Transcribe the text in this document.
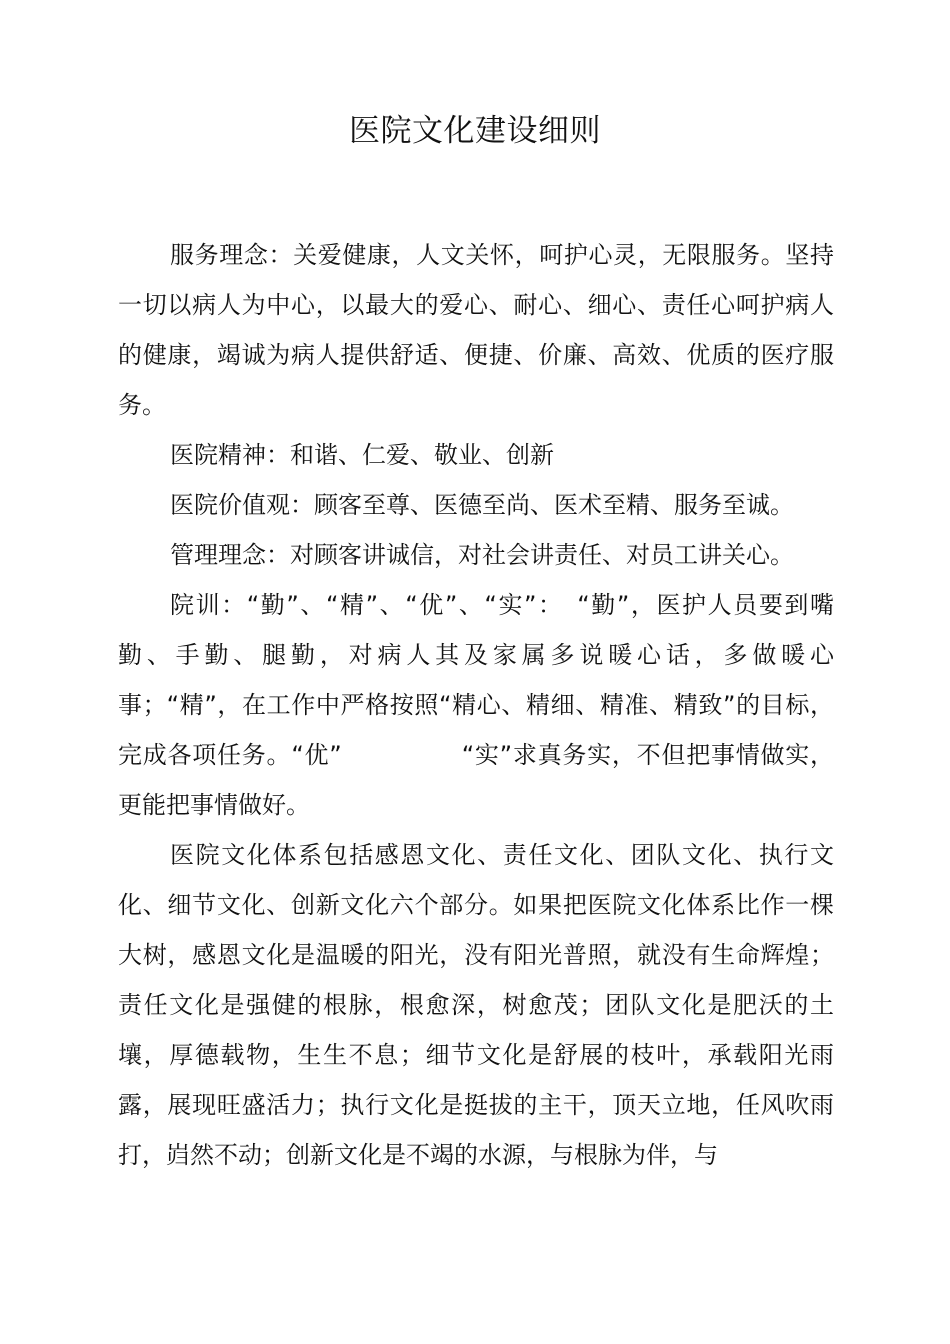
医院文化建设细则

服务理念：关爱健康，人文关怀，呵护心灵，无限服务。坚持一切以病人为中心，以最大的爱心、耐心、细心、责任心呵护病人的健康，竭诚为病人提供舒适、便捷、价廉、高效、优质的医疗服务。

医院精神：和谐、仁爱、敬业、创新

医院价值观：顾客至尊、医德至尚、医术至精、服务至诚。

管理理念：对顾客讲诚信，对社会讲责任、对员工讲关心。

院训：“勤”、“精”、“优”、“实”：　“勤”，医护人员要到嘴勤、手勤、腿勤，对病人其及家属多说暖心话，多做暖心事；“精”，在工作中严格按照“精心、精细、精准、精致”的目标，完成各项任务。“优”	“实”求真务实，不但把事情做实，更能把事情做好。

医院文化体系包括感恩文化、责任文化、团队文化、执行文化、细节文化、创新文化六个部分。如果把医院文化体系比作一棵大树，感恩文化是温暖的阳光，没有阳光普照，就没有生命辉煌；责任文化是强健的根脉，根愈深，树愈茂；团队文化是肥沃的土壤，厚德载物，生生不息；细节文化是舒展的枝叶，承载阳光雨露，展现旺盛活力；执行文化是挺拔的主干，顶天立地，任风吹雨打，岿然不动；创新文化是不竭的水源，与根脉为伴，与
